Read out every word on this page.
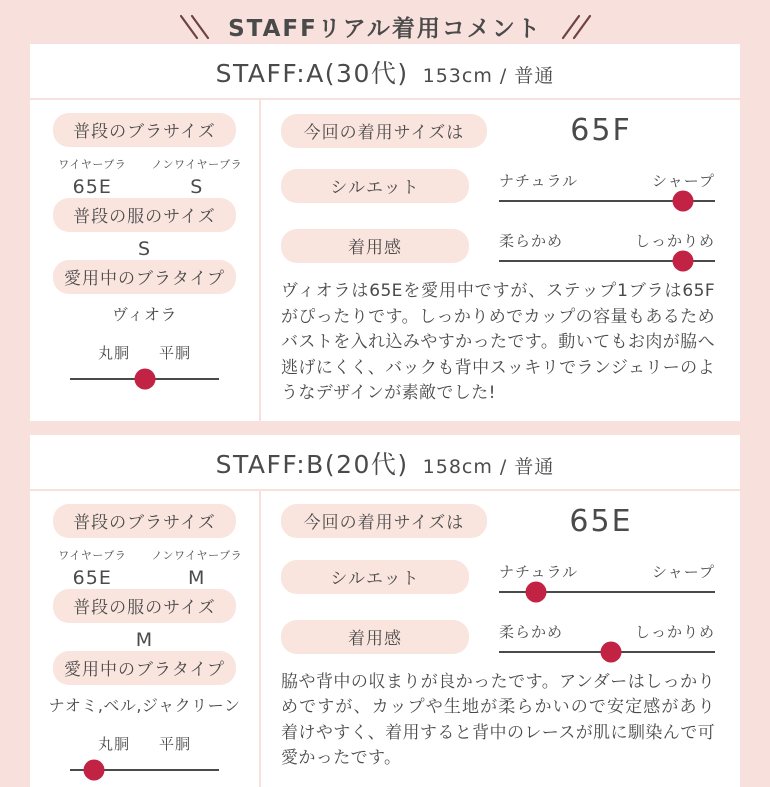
STAFFリアル着用コメント
STAFF:A(30代) 153cm / 普通
普段のブラサイズ
ワイヤーブラ
65E
ノンワイヤーブラ
S
普段の服のサイズ
S
愛用中のブラタイプ
ヴィオラ
丸胴 平胴
今回の着用サイズは	65F
シルエット	ナチュラル	シャープ
着用感	柔らかめ	しっかりめ
ヴィオラは65Eを愛用中ですが、ステップ1ブラは65Fがぴったりです。しっかりめでカップの容量もあるためバストを入れ込みやすかったです。動いてもお肉が脇へ逃げにくく、バックも背中スッキリでランジェリーのようなデザインが素敵でした!
STAFF:B(20代) 158cm / 普通
普段のブラサイズ
ワイヤーブラ
65E
ノンワイヤーブラ
M
普段の服のサイズ
M
愛用中のブラタイプ
ナオミ,ベル,ジャクリーン
丸胴 平胴
今回の着用サイズは	65E
シルエット	ナチュラル	シャープ
着用感	柔らかめ	しっかりめ
脇や背中の収まりが良かったです。アンダーはしっかりめですが、カップや生地が柔らかいので安定感があり着けやすく、着用すると背中のレースが肌に馴染んで可愛かったです。
